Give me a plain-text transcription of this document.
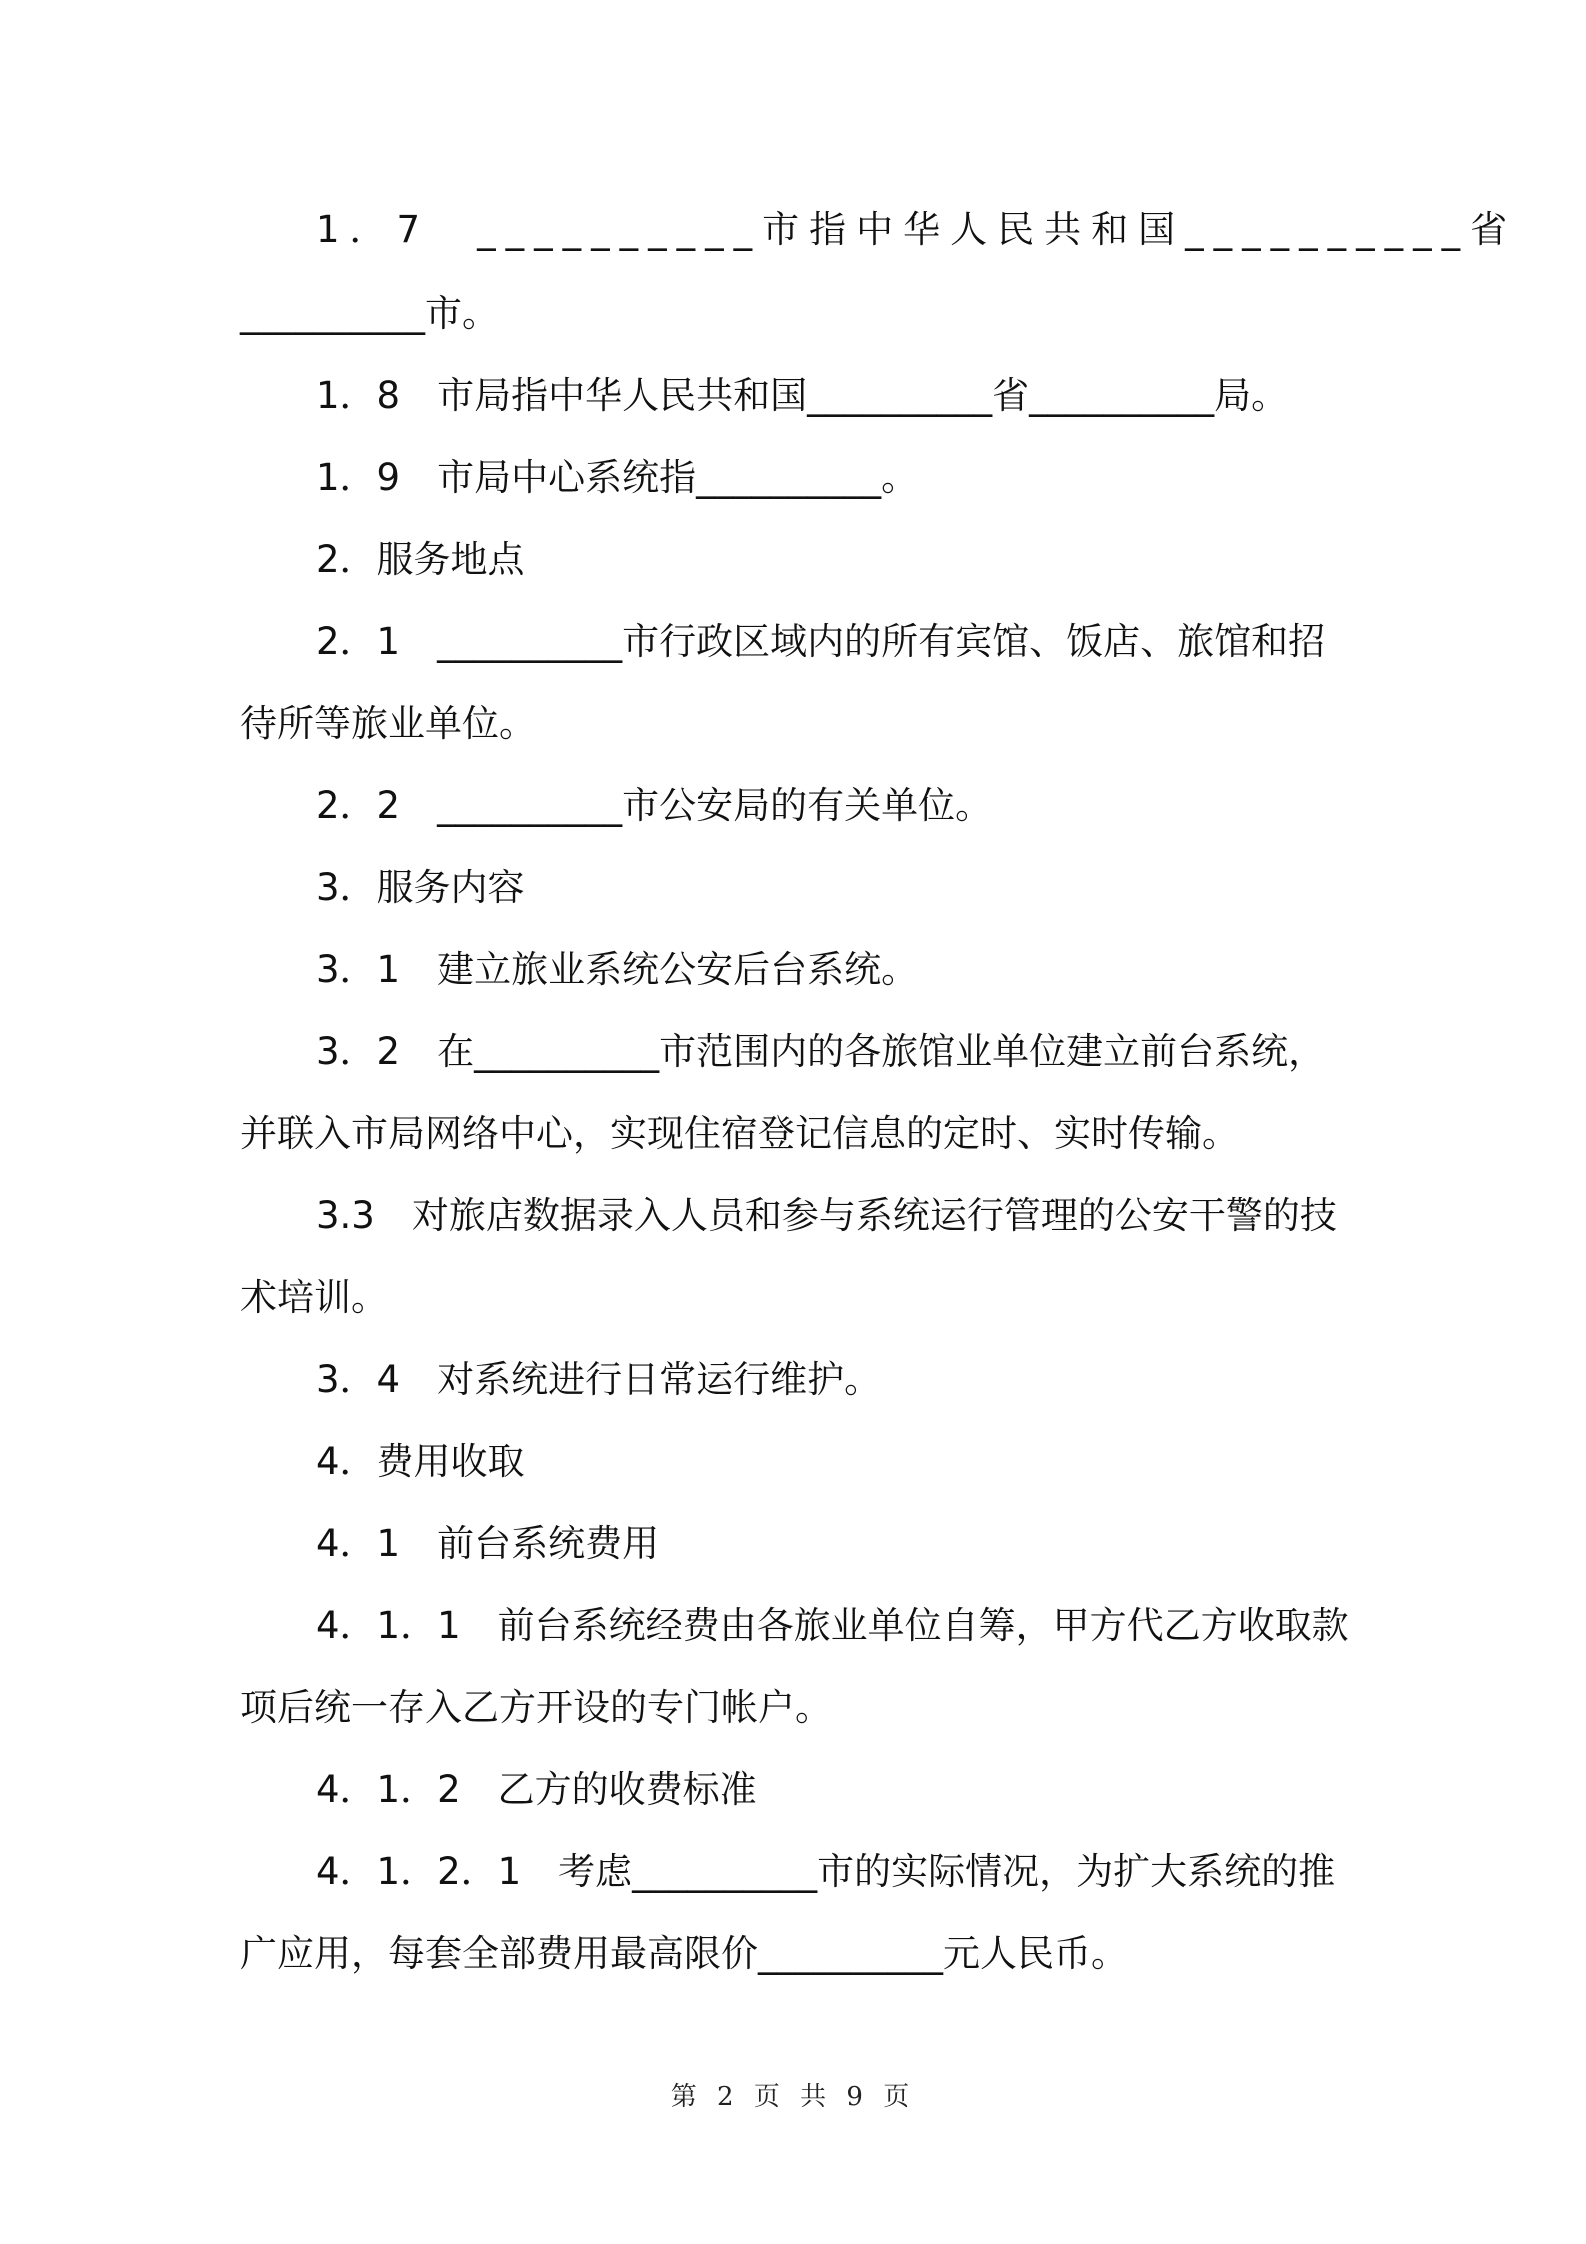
1．7　__________市指中华人民共和国__________省
__________市。
1．8　市局指中华人民共和国__________省__________局。
1．9　市局中心系统指__________。
2．服务地点
2．1　__________市行政区域内的所有宾馆、饭店、旅馆和招
待所等旅业单位。
2．2　__________市公安局的有关单位。
3．服务内容
3．1　建立旅业系统公安后台系统。
3．2　在__________市范围内的各旅馆业单位建立前台系统，
并联入市局网络中心，实现住宿登记信息的定时、实时传输。
3.3　对旅店数据录入人员和参与系统运行管理的公安干警的技
术培训。
3．4　对系统进行日常运行维护。
4．费用收取
4．1　前台系统费用
4．1．1　前台系统经费由各旅业单位自筹，甲方代乙方收取款
项后统一存入乙方开设的专门帐户。
4．1．2　乙方的收费标准
4．1．2．1　考虑__________市的实际情况，为扩大系统的推
广应用，每套全部费用最高限价__________元人民币。
第 2 页 共 9 页
